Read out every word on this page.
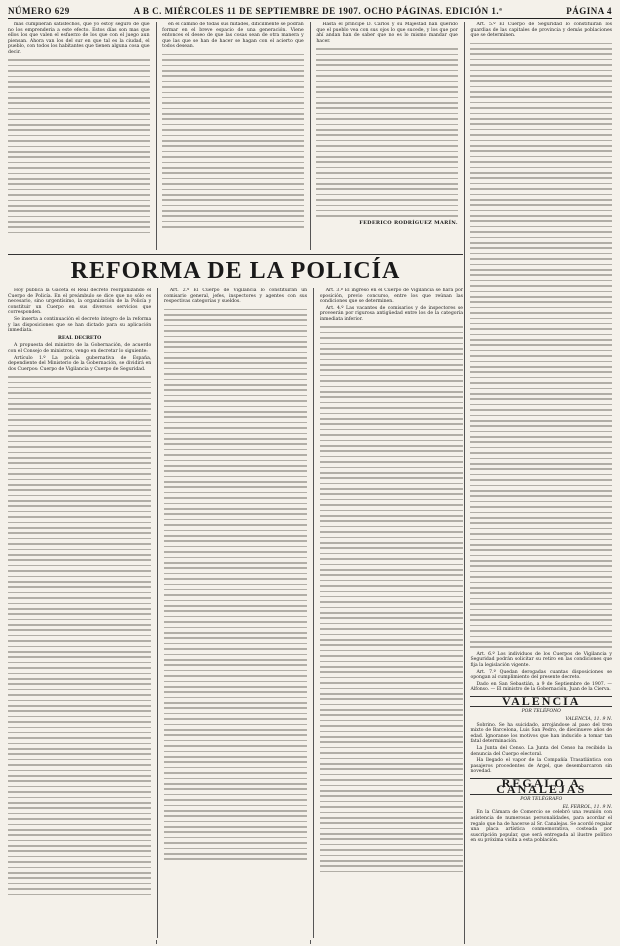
NÚMERO 629	A B C. MIÉRCOLES 11 DE SEPTIEMBRE DE 1907. OCHO PÁGINAS. EDICIÓN 1.ª	PÁGINA 4

más cumplieran satisfechos, que yo estoy seguro de que no los emprenderia a este efecto. Estos días son mas que ellos los que valen el esfuerzo de los que con el juego aun piensan. Ahora van los del sur en que tal es la ciudad, el pueblo, con todos los habitantes que tienen alguna cosa que decir.

en el camino de todas sus mitades, difícilmente se podrán formar en el breve espacio de una generación. Viene entonces el deseo de que las cosas sean de otra manera y que las que se han de hacer se hagan con el acierto que todos desean.

Hasta el príncipe D. Carlos y su Majestad han querido que el pueblo vea con sus ojos lo que sucede, y los que por ahí andan han de saber que no es lo mismo mandar que hacer.

FEDERICO RODRÍGUEZ MARÍN.

Art. 5.º El Cuerpo de Seguridad lo constituirán los guardias de las capitales de provincia y demás poblaciones que se determinen.

Art. 6.º Los individuos de los Cuerpos de Vigilancia y Seguridad podrán solicitar su retiro en las condiciones que fija la legislación vigente.

Art. 7.º Quedan derogadas cuantas disposiciones se opongan al cumplimiento del presente decreto.

Dado en San Sebastián, a 9 de Septiembre de 1907. — Alfonso. — El ministro de la Gobernación, Juan de la Cierva.

VALENCIA
POR TELÉFONO
VALENCIA, 11. 9 N.

Sobrino. Se ha suicidado, arrojándose al paso del tren mixto de Barcelona, Luis San Pedro, de diecinueve años de edad. Ignoranse los motivos que han inducido a tomar tan fatal determinación.

La Junta del Censo. La Junta del Censo ha recibido la denuncia del Cuerpo electoral.

Ha llegado el vapor de la Compañía Trasatlántica con pasajeros procedentes de Argel, que desembarcaron sin novedad.

REGALO A CANALEJAS
POR TELÉGRAFO
EL FERROL, 11. 9 N.

En la Cámara de Comercio se celebró una reunión con asistencia de numerosas personalidades, para acordar el regalo que ha de hacerse al Sr. Canalejas. Se acordó regalar una placa artística conmemorativa, costeada por suscripción popular, que será entregada al ilustre político en su próxima visita a esta población.

REFORMA DE LA POLICÍA

Hoy publica la Gaceta el Real decreto reorganizando el Cuerpo de Policía. En el preámbulo se dice que no sólo es necesario, sino urgentísimo, la organización de la Policía y constituir un Cuerpo en sus diversos servicios que corresponden.

Se inserta a continuación el decreto íntegro de la reforma y las disposiciones que se han dictado para su aplicación inmediata.

REAL DECRETO

A propuesta del ministro de la Gobernación, de acuerdo con el Consejo de ministros, vengo en decretar lo siguiente:

Artículo 1.º La policía gubernativa de España, dependiente del Ministerio de la Gobernación, se dividirá en dos Cuerpos: Cuerpo de Vigilancia y Cuerpo de Seguridad.

Art. 2.º El Cuerpo de Vigilancia lo constituirán un comisario general, jefes, inspectores y agentes con sus respectivas categorías y sueldos.

Art. 3.º El ingreso en el Cuerpo de Vigilancia se hará por oposición, previo concurso, entre los que reúnan las condiciones que se determinen.

Art. 4.º Las vacantes de comisarios y de inspectores se proveerán por rigurosa antigüedad entre los de la categoría inmediata inferior.
